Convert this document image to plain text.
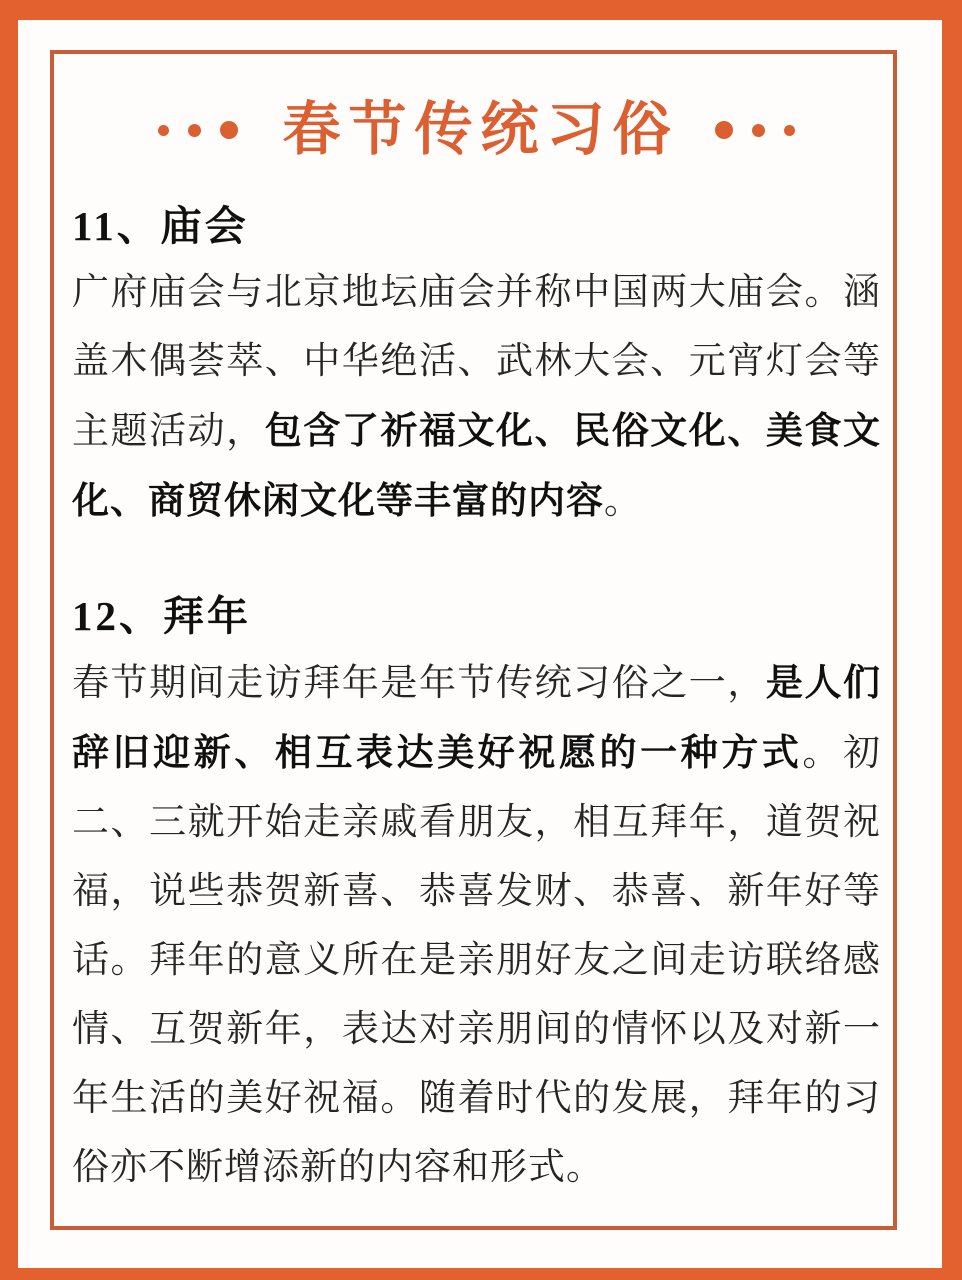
春节传统习俗
11、庙会

广府庙会与北京地坛庙会并称中国两大庙会。涵盖木偶荟萃、中华绝活、武林大会、元宵灯会等主题活动，包含了祈福文化、民俗文化、美食文化、商贸休闲文化等丰富的内容。

12、拜年

春节期间走访拜年是年节传统习俗之一，是人们辞旧迎新、相互表达美好祝愿的一种方式。初二、三就开始走亲戚看朋友，相互拜年，道贺祝福，说些恭贺新喜、恭喜发财、恭喜、新年好等话。拜年的意义所在是亲朋好友之间走访联络感情、互贺新年，表达对亲朋间的情怀以及对新一年生活的美好祝福。随着时代的发展，拜年的习俗亦不断增添新的内容和形式。
